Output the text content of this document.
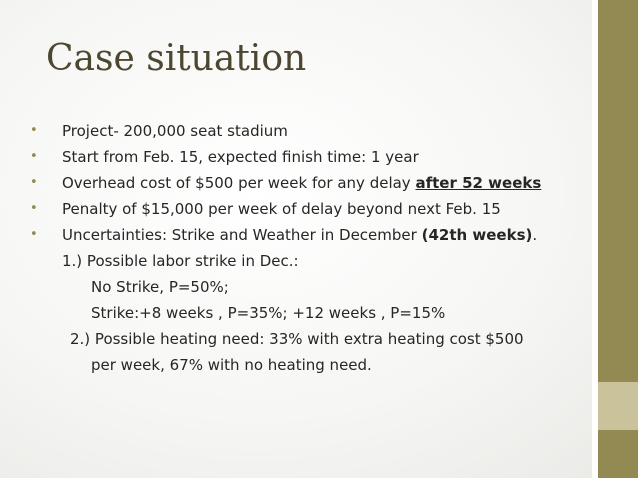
Case situation
• Project- 200,000 seat stadium
• Start from Feb. 15, expected finish time: 1 year
• Overhead cost of $500 per week for any delay after 52 weeks
• Penalty of $15,000 per week of delay beyond next Feb. 15
• Uncertainties: Strike and Weather in December (42th weeks).
1.) Possible labor strike in Dec.:
No Strike, P=50%;
Strike:+8 weeks , P=35%; +12 weeks , P=15%
2.) Possible heating need: 33% with extra heating cost $500
per week, 67% with no heating need.
